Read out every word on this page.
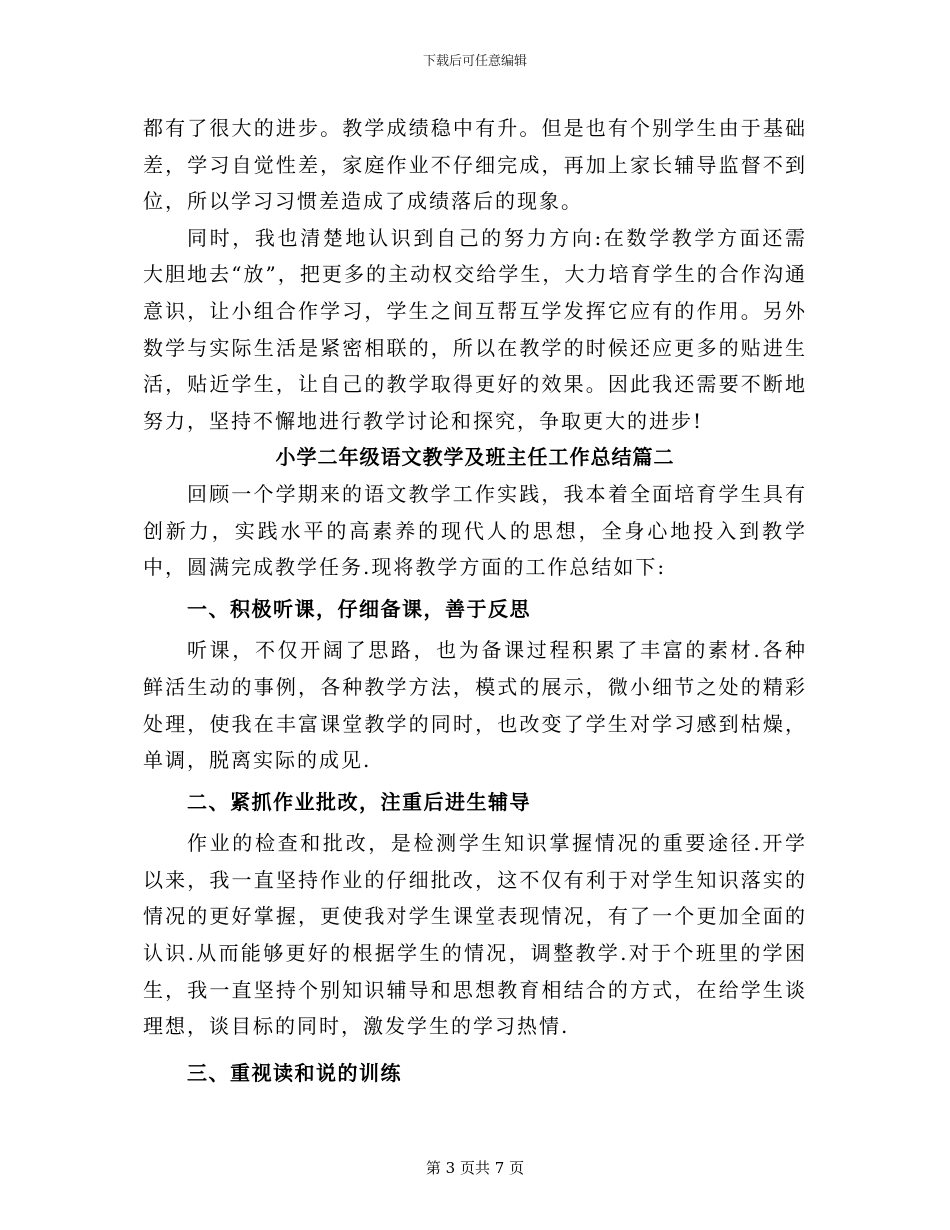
下载后可任意编辑

都有了很大的进步。教学成绩稳中有升。但是也有个别学生由于基础差，学习自觉性差，家庭作业不仔细完成，再加上家长辅导监督不到位，所以学习习惯差造成了成绩落后的现象。

同时，我也清楚地认识到自己的努力方向:在数学教学方面还需大胆地去“放”，把更多的主动权交给学生，大力培育学生的合作沟通意识，让小组合作学习，学生之间互帮互学发挥它应有的作用。另外数学与实际生活是紧密相联的，所以在教学的时候还应更多的贴进生活，贴近学生，让自己的教学取得更好的效果。因此我还需要不断地努力，坚持不懈地进行教学讨论和探究，争取更大的进步!

小学二年级语文教学及班主任工作总结篇二

回顾一个学期来的语文教学工作实践，我本着全面培育学生具有创新力，实践水平的高素养的现代人的思想，全身心地投入到教学中，圆满完成教学任务.现将教学方面的工作总结如下:

一、积极听课，仔细备课，善于反思

听课，不仅开阔了思路，也为备课过程积累了丰富的素材.各种鲜活生动的事例，各种教学方法，模式的展示，微小细节之处的精彩处理，使我在丰富课堂教学的同时，也改变了学生对学习感到枯燥，单调，脱离实际的成见.

二、紧抓作业批改，注重后进生辅导

作业的检查和批改，是检测学生知识掌握情况的重要途径.开学以来，我一直坚持作业的仔细批改，这不仅有利于对学生知识落实的情况的更好掌握，更使我对学生课堂表现情况，有了一个更加全面的认识.从而能够更好的根据学生的情况，调整教学.对于个班里的学困生，我一直坚持个别知识辅导和思想教育相结合的方式，在给学生谈理想，谈目标的同时，激发学生的学习热情.

三、重视读和说的训练

第 3 页共 7 页
